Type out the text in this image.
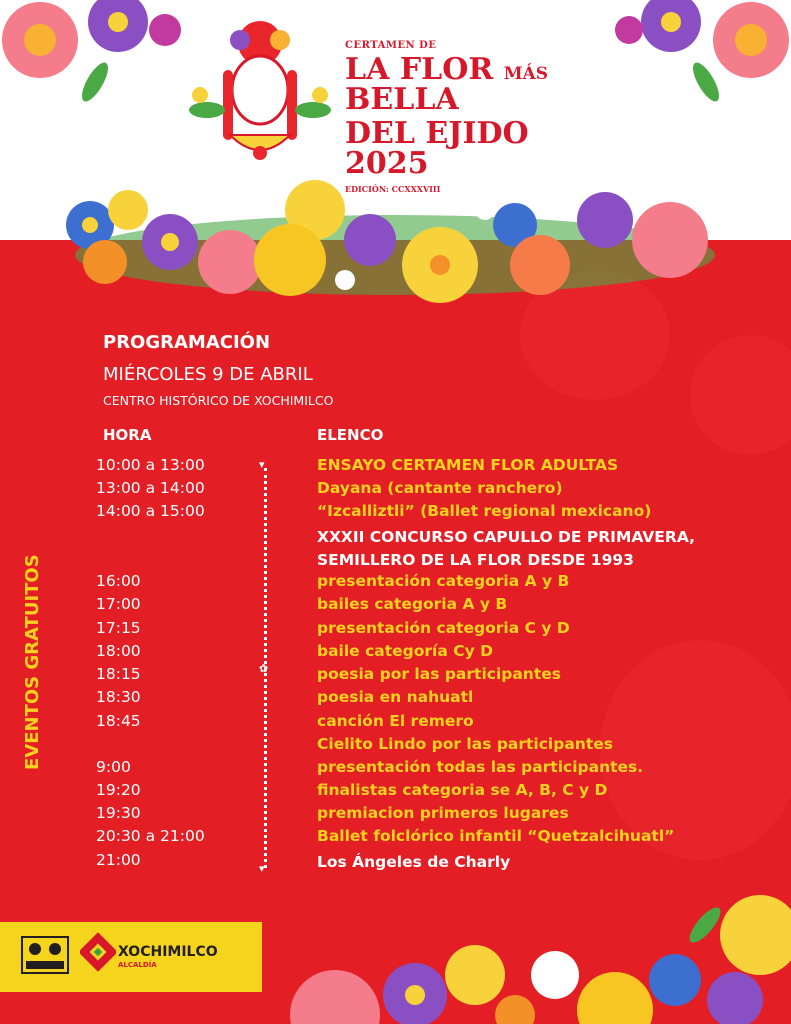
CERTAMEN DE
LA FLOR MÁS BELLA
DEL EJIDO 2025
EDICIÓN: CCXXXVIII
PROGRAMACIÓN
MIÉRCOLES 9 DE ABRIL
CENTRO HISTÓRICO DE XOCHIMILCO
HORA	ELENCO
EVENTOS GRATUITOS
▾
✿
▾
10:00 a 13:00
13:00 a 14:00
14:00 a 15:00
16:00
17:00
17:15
18:00
18:15
18:30
18:45
9:00
19:20
19:30
20:30 a 21:00
21:00
ENSAYO CERTAMEN FLOR ADULTAS
Dayana (cantante ranchero)
“Izcalliztli” (Ballet regional mexicano)
XXXII CONCURSO CAPULLO DE PRIMAVERA,
SEMILLERO DE LA FLOR DESDE 1993
presentación categoria A y B
bailes categoria A y B
presentación categoria C y D
baile categoría Cy D
poesia por las participantes
poesia en nahuatl
canción El remero
Cielito Lindo por las participantes
presentación todas las participantes.
finalistas categoria se A, B, C y D
premiacion primeros lugares
Ballet folclórico infantil “Quetzalcihuatl”
Los Ángeles de Charly
XOCHIMILCO
ALCALDÍA
